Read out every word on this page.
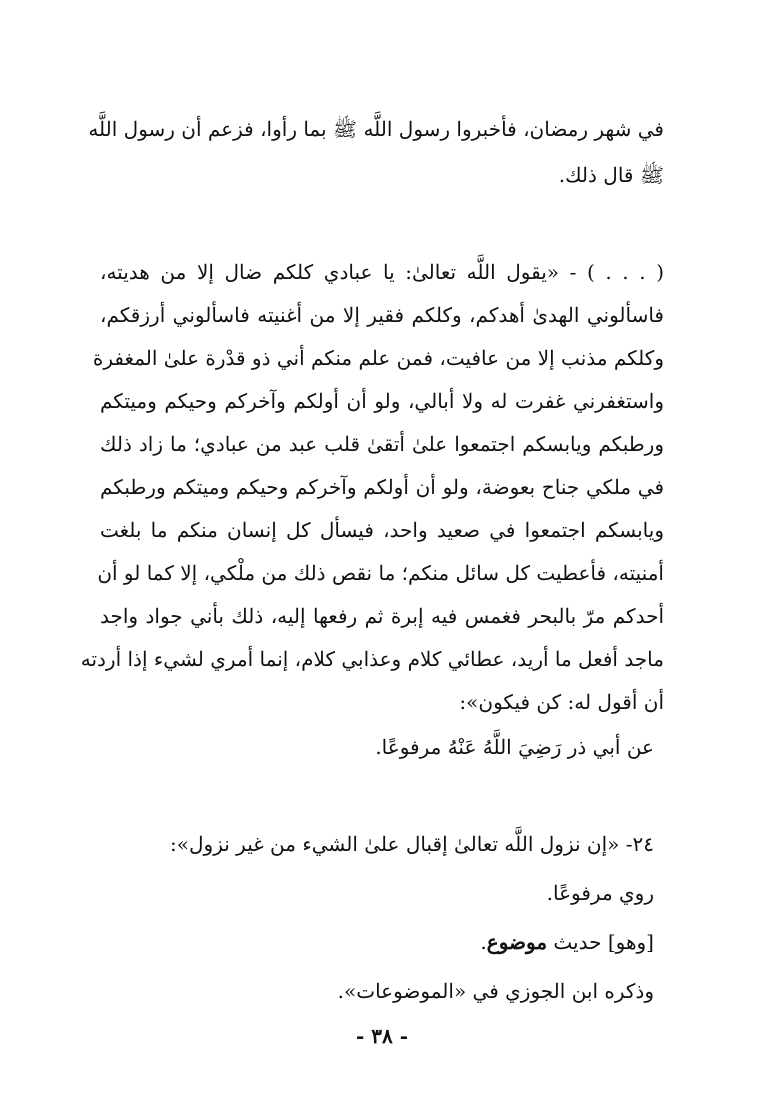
في شهر رمضان، فأخبروا رسول اللَّه ﷺ بما رأوا، فزعم أن رسول اللَّه
ﷺ قال ذلك.
( . . . ) - «يقول اللَّه تعالىٰ: يا عبادي كلكم ضال إلا من هديته،
فاسألوني الهدىٰ أهدكم، وكلكم فقير إلا من أغنيته فاسألوني أرزقكم،
وكلكم مذنب إلا من عافيت، فمن علم منكم أني ذو قدْرة علىٰ المغفرة
واستغفرني غفرت له ولا أبالي، ولو أن أولكم وآخركم وحيكم وميتكم
ورطبكم ويابسكم اجتمعوا علىٰ أتقىٰ قلب عبد من عبادي؛ ما زاد ذلك
في ملكي جناح بعوضة، ولو أن أولكم وآخركم وحيكم وميتكم ورطبكم
ويابسكم اجتمعوا في صعيد واحد، فيسأل كل إنسان منكم ما بلغت
أمنيته، فأعطيت كل سائل منكم؛ ما نقص ذلك من ملْكي، إلا كما لو أن
أحدكم مرّ بالبحر فغمس فيه إبرة ثم رفعها إليه، ذلك بأني جواد واجد
ماجد أفعل ما أريد، عطائي كلام وعذابي كلام، إنما أمري لشيء إذا أردته
أن أقول له: كن فيكون»:
عن أبي ذر رَضِيَ اللَّهُ عَنْهُ مرفوعًا.
٢٤- «إن نزول اللَّه تعالىٰ إقبال علىٰ الشيء من غير نزول»:
روي مرفوعًا.
[وهو] حديث موضوع.
وذكره ابن الجوزي في «الموضوعات».
- ٣٨ -
